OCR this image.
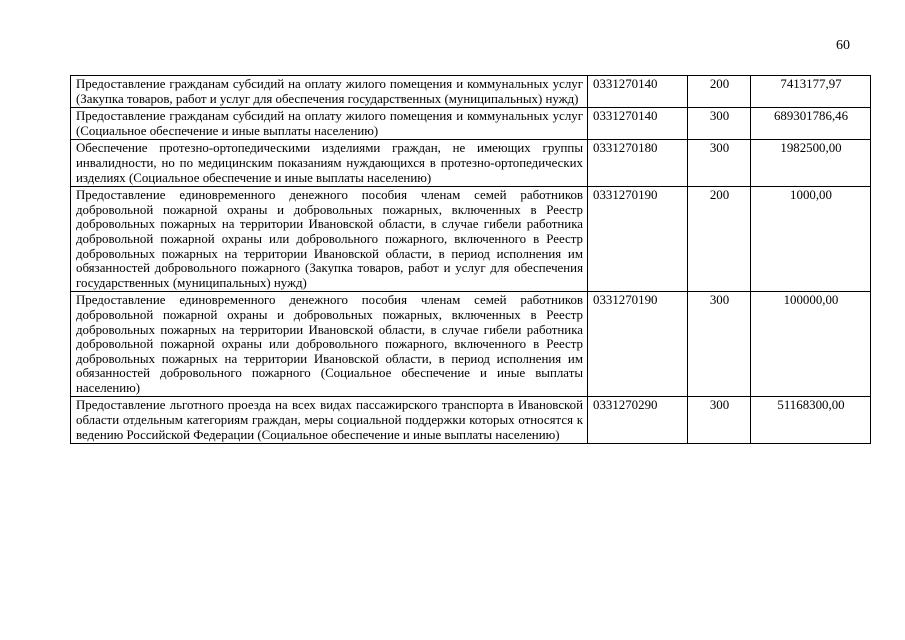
60
Предоставление гражданам субсидий на оплату жилого помещения и коммунальных услуг (Закупка товаров, работ и услуг для обеспечения государственных (муниципальных) нужд)	0331270140	200	7413177,97
Предоставление гражданам субсидий на оплату жилого помещения и коммунальных услуг (Социальное обеспечение и иные выплаты населению)	0331270140	300	689301786,46
Обеспечение протезно-ортопедическими изделиями граждан, не имеющих группы инвалидности, но по медицинским показаниям нуждающихся в протезно-ортопедических изделиях (Социальное обеспечение и иные выплаты населению)	0331270180	300	1982500,00
Предоставление единовременного денежного пособия членам семей работников добровольной пожарной охраны и добровольных пожарных, включенных в Реестр добровольных пожарных на территории Ивановской области, в случае гибели работника добровольной пожарной охраны или добровольного пожарного, включенного в Реестр добровольных пожарных на территории Ивановской области, в период исполнения им обязанностей добровольного пожарного (Закупка товаров, работ и услуг для обеспечения государственных (муниципальных) нужд)	0331270190	200	1000,00
Предоставление единовременного денежного пособия членам семей работников добровольной пожарной охраны и добровольных пожарных, включенных в Реестр добровольных пожарных на территории Ивановской области, в случае гибели работника добровольной пожарной охраны или добровольного пожарного, включенного в Реестр добровольных пожарных на территории Ивановской области, в период исполнения им обязанностей добровольного пожарного (Социальное обеспечение и иные выплаты населению)	0331270190	300	100000,00
Предоставление льготного проезда на всех видах пассажирского транспорта в Ивановской области отдельным категориям граждан, меры социальной поддержки которых относятся к ведению Российской Федерации (Социальное обеспечение и иные выплаты населению)	0331270290	300	51168300,00
